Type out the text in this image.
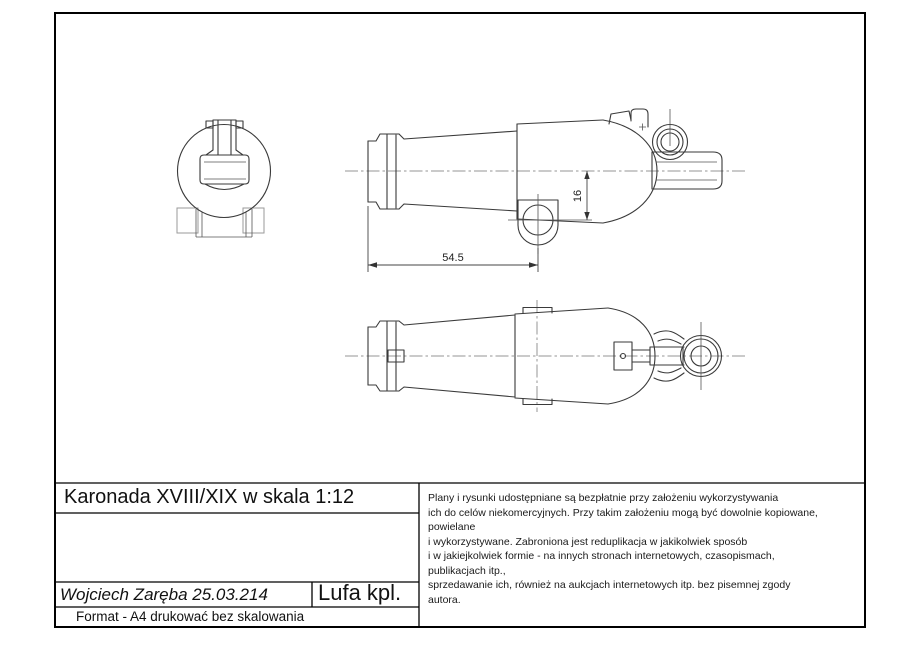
54.5
16
Karonada XVIII/XIX w skala 1:12
Wojciech Zaręba 25.03.214 Lufa kpl.
Format - A4 drukować bez skalowania
Plany i rysunki udostępniane są bezpłatnie przy założeniu wykorzystywania
ich do celów niekomercyjnych. Przy takim założeniu mogą być dowolnie kopiowane,
powielane
i wykorzystywane. Zabroniona jest reduplikacja w jakikolwiek sposób
i w jakiejkolwiek formie - na innych stronach internetowych, czasopismach,
publikacjach itp.,
sprzedawanie ich, również na aukcjach internetowych itp. bez pisemnej zgody
autora.
